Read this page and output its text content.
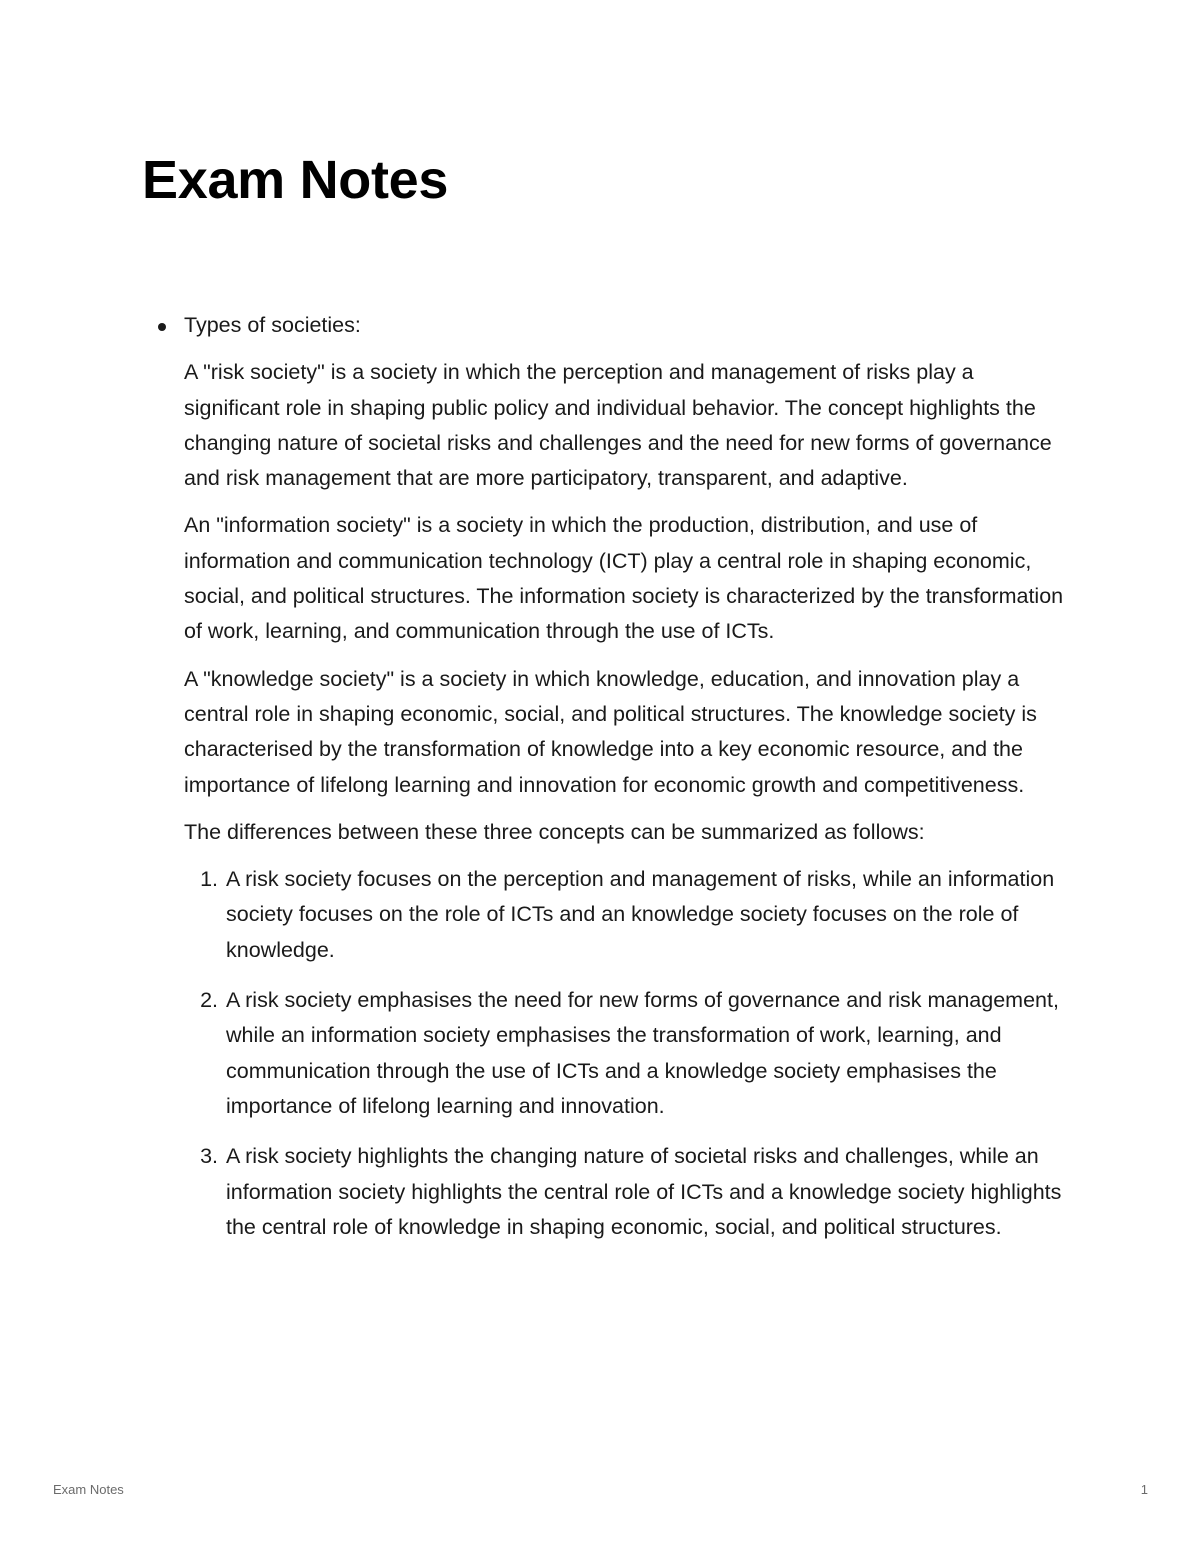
Exam Notes

Types of societies:

A "risk society" is a society in which the perception and management of risks play a significant role in shaping public policy and individual behavior. The concept highlights the changing nature of societal risks and challenges and the need for new forms of governance and risk management that are more participatory, transparent, and adaptive.

An "information society" is a society in which the production, distribution, and use of information and communication technology (ICT) play a central role in shaping economic, social, and political structures. The information society is characterized by the transformation of work, learning, and communication through the use of ICTs.

A "knowledge society" is a society in which knowledge, education, and innovation play a central role in shaping economic, social, and political structures. The knowledge society is characterised by the transformation of knowledge into a key economic resource, and the importance of lifelong learning and innovation for economic growth and competitiveness.

The differences between these three concepts can be summarized as follows:

1. A risk society focuses on the perception and management of risks, while an information society focuses on the role of ICTs and an knowledge society focuses on the role of knowledge.
2. A risk society emphasises the need for new forms of governance and risk management, while an information society emphasises the transformation of work, learning, and communication through the use of ICTs and a knowledge society emphasises the importance of lifelong learning and innovation.
3. A risk society highlights the changing nature of societal risks and challenges, while an information society highlights the central role of ICTs and a knowledge society highlights the central role of knowledge in shaping economic, social, and political structures.
Exam Notes	1
